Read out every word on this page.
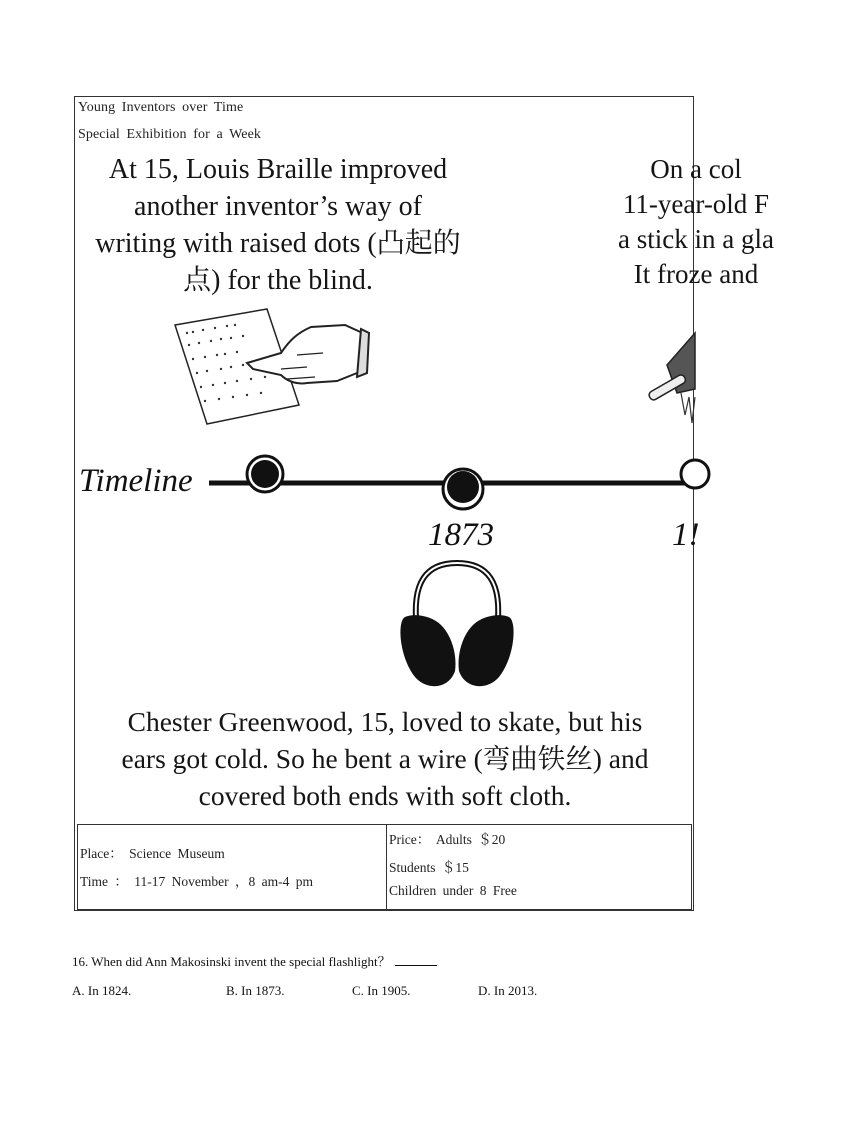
Young Inventors over Time
Special Exhibition for a Week
At 15, Louis Braille improved another inventor’s way of writing with raised dots (凸起的点) for the blind.
On a col
11-year-old F
a stick in a gla
It froze and
Timeline
1873	1!
Chester Greenwood, 15, loved to skate, but his ears got cold. So he bent a wire (弯曲铁丝) and covered both ends with soft cloth.
Place： Science Museum
Time ： 11-17 November ，8 am-4 pm
Price： Adults ＄20
Students ＄15
Children under 8 Free
16. When did Ann Makosinski invent the special flashlight？
A. In 1824.	B. In 1873.	C. In 1905.	D. In 2013.
